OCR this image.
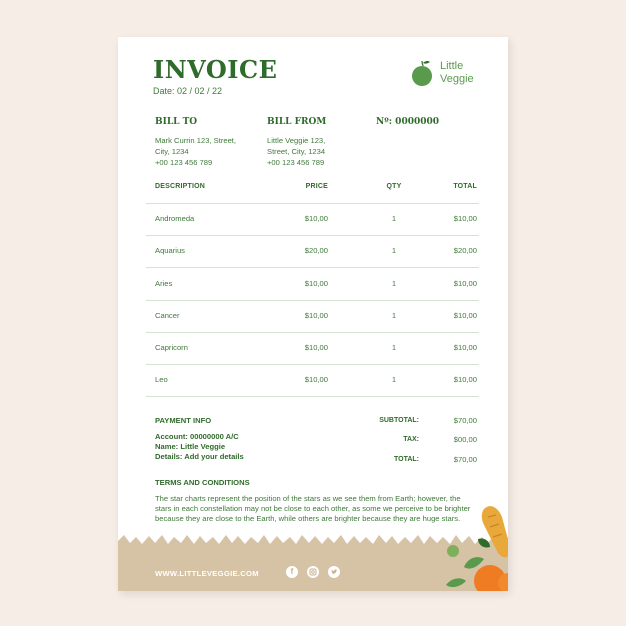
INVOICE
Date: 02 / 02 / 22
Little
Veggie
BILL TO
Mark Currin 123, Street,
City, 1234
+00 123 456 789
BILL FROM
Little Veggie 123,
Street, City, 1234
+00 123 456 789
Nº: 0000000
DESCRIPTION	PRICE	QTY	TOTAL
Andromeda	$10,00	1	$10,00
Aquarius	$20,00	1	$20,00
Aries	$10,00	1	$10,00
Cancer	$10,00	1	$10,00
Capricorn	$10,00	1	$10,00
Leo	$10,00	1	$10,00
PAYMENT INFO
Account: 00000000 A/C
Name: Little Veggie
Details: Add your details
SUBTOTAL:	$70,00
TAX:	$00,00
TOTAL:	$70,00
TERMS AND CONDITIONS
The star charts represent the position of the stars as we see them from Earth; however, the stars in each constellation may not be close to each other, as some we perceive to be brighter because they are close to the Earth, while others are brighter because they are huge stars.
WWW.LITTLEVEGGIE.COM	f
